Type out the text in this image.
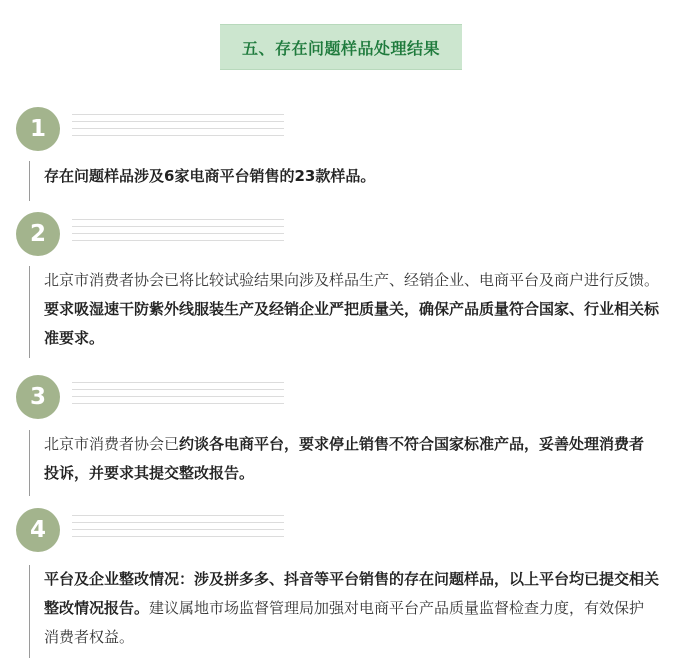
五、存在问题样品处理结果
1
存在问题样品涉及6家电商平台销售的23款样品。
2
北京市消费者协会已将比较试验结果向涉及样品生产、经销企业、电商平台及商户进行反馈。要求吸湿速干防紫外线服装生产及经销企业严把质量关，确保产品质量符合国家、行业相关标准要求。
3
北京市消费者协会已约谈各电商平台，要求停止销售不符合国家标准产品，妥善处理消费者投诉，并要求其提交整改报告。
4
平台及企业整改情况：涉及拼多多、抖音等平台销售的存在问题样品，以上平台均已提交相关整改情况报告。建议属地市场监督管理局加强对电商平台产品质量监督检查力度，有效保护消费者权益。
